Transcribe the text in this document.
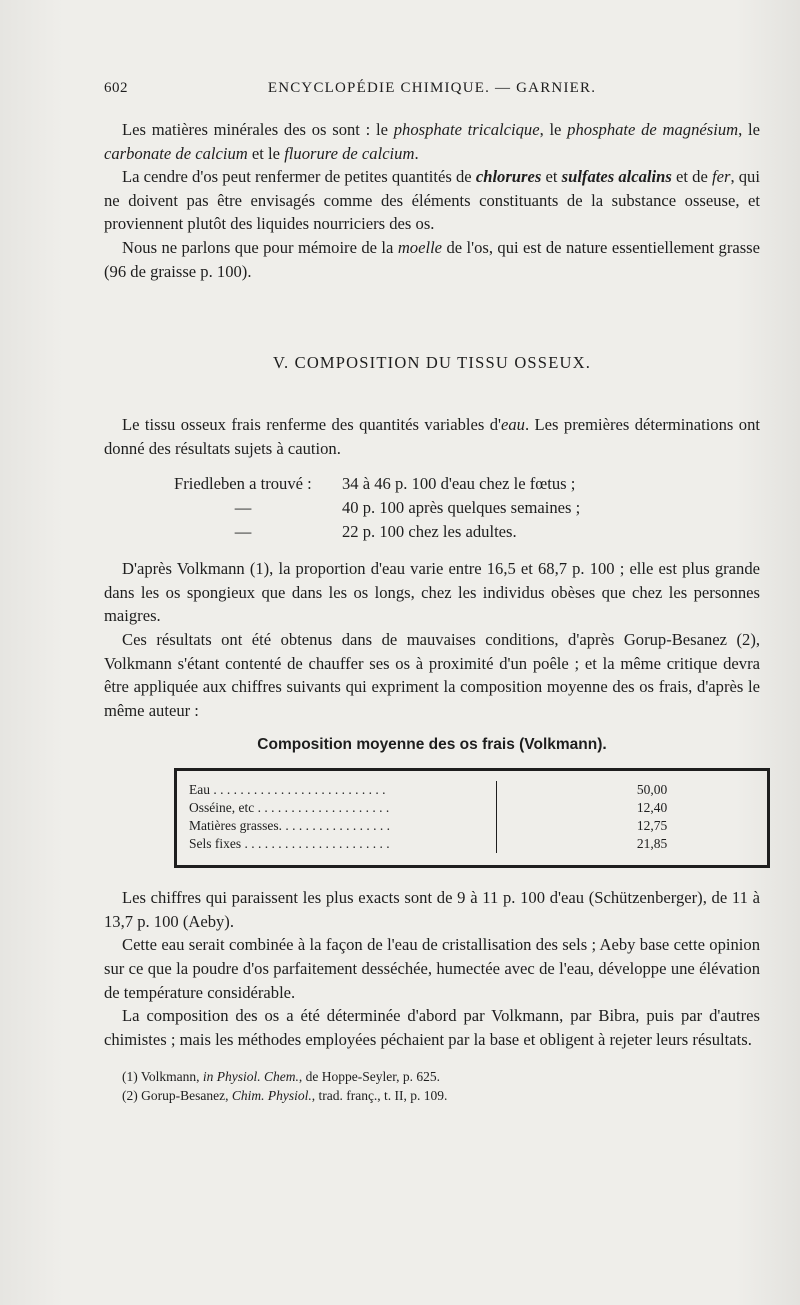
602	ENCYCLOPÉDIE CHIMIQUE. — GARNIER.

Les matières minérales des os sont : le phosphate tricalcique, le phosphate de magnésium, le carbonate de calcium et le fluorure de calcium.

La cendre d'os peut renfermer de petites quantités de chlorures et sulfates alcalins et de fer, qui ne doivent pas être envisagés comme des éléments constituants de la substance osseuse, et proviennent plutôt des liquides nourriciers des os.

Nous ne parlons que pour mémoire de la moelle de l'os, qui est de nature essentiellement grasse (96 de graisse p. 100).

V. COMPOSITION DU TISSU OSSEUX.

Le tissu osseux frais renferme des quantités variables d'eau. Les premières déterminations ont donné des résultats sujets à caution.

Friedleben a trouvé :	34 à 46 p. 100 d'eau chez le fœtus ;
—	40 p. 100 après quelques semaines ;
—	22 p. 100 chez les adultes.

D'après Volkmann (1), la proportion d'eau varie entre 16,5 et 68,7 p. 100 ; elle est plus grande dans les os spongieux que dans les os longs, chez les individus obèses que chez les personnes maigres.

Ces résultats ont été obtenus dans de mauvaises conditions, d'après Gorup-Besanez (2), Volkmann s'étant contenté de chauffer ses os à proximité d'un poêle ; et la même critique devra être appliquée aux chiffres suivants qui expriment la composition moyenne des os frais, d'après le même auteur :

Composition moyenne des os frais (Volkmann).
Eau . . . . . . . . . . . . . . . . . . . . . . . . . .	50,00
Osséine, etc . . . . . . . . . . . . . . . . . . . .	12,40
Matières grasses. . . . . . . . . . . . . . . . .	12,75
Sels fixes . . . . . . . . . . . . . . . . . . . . . .	21,85

Les chiffres qui paraissent les plus exacts sont de 9 à 11 p. 100 d'eau (Schützenberger), de 11 à 13,7 p. 100 (Aeby).

Cette eau serait combinée à la façon de l'eau de cristallisation des sels ; Aeby base cette opinion sur ce que la poudre d'os parfaitement desséchée, humectée avec de l'eau, développe une élévation de température considérable.

La composition des os a été déterminée d'abord par Volkmann, par Bibra, puis par d'autres chimistes ; mais les méthodes employées péchaient par la base et obligent à rejeter leurs résultats.

(1) Volkmann, in Physiol. Chem., de Hoppe-Seyler, p. 625.
(2) Gorup-Besanez, Chim. Physiol., trad. franç., t. II, p. 109.
